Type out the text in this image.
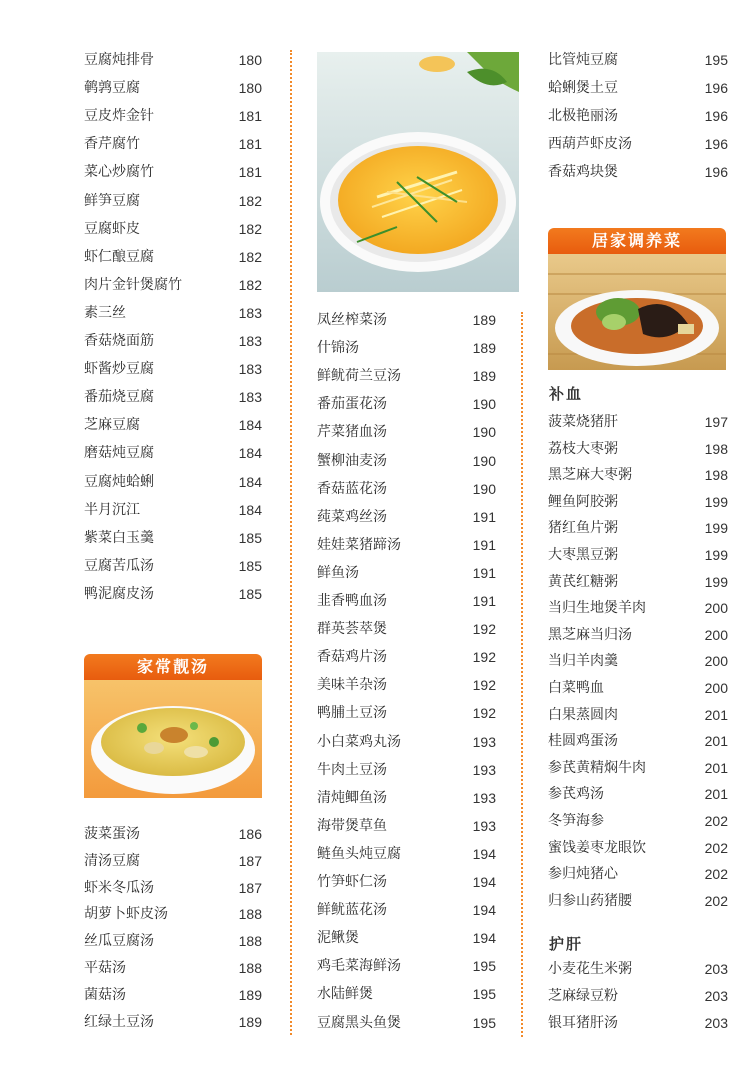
豆腐炖排骨	180
鹌鹑豆腐	180
豆皮炸金针	181
香芹腐竹	181
菜心炒腐竹	181
鲜笋豆腐	182
豆腐虾皮	182
虾仁酿豆腐	182
肉片金针煲腐竹	182
素三丝	183
香菇烧面筋	183
虾酱炒豆腐	183
番茄烧豆腐	183
芝麻豆腐	184
磨菇炖豆腐	184
豆腐炖蛤蜊	184
半月沉江	184
紫菜白玉羹	185
豆腐苦瓜汤	185
鸭泥腐皮汤	185
家常靓汤
菠菜蛋汤	186
清汤豆腐	187
虾米冬瓜汤	187
胡萝卜虾皮汤	188
丝瓜豆腐汤	188
平菇汤	188
菌菇汤	189
红绿土豆汤	189
凤丝榨菜汤	189
什锦汤	189
鲜鱿荷兰豆汤	189
番茄蛋花汤	190
芹菜猪血汤	190
蟹柳油麦汤	190
香菇蓝花汤	190
莼菜鸡丝汤	191
娃娃菜猪蹄汤	191
鲜鱼汤	191
韭香鸭血汤	191
群英荟萃煲	192
香菇鸡片汤	192
美味羊杂汤	192
鸭脯土豆汤	192
小白菜鸡丸汤	193
牛肉土豆汤	193
清炖鲫鱼汤	193
海带煲草鱼	193
鲢鱼头炖豆腐	194
竹笋虾仁汤	194
鲜鱿蓝花汤	194
泥鳅煲	194
鸡毛菜海鲜汤	195
水陆鲜煲	195
豆腐黑头鱼煲	195
比管炖豆腐	195
蛤蜊煲土豆	196
北极艳丽汤	196
西葫芦虾皮汤	196
香菇鸡块煲	196
居家调养菜
补血
菠菜烧猪肝	197
荔枝大枣粥	198
黑芝麻大枣粥	198
鲤鱼阿胶粥	199
猪红鱼片粥	199
大枣黑豆粥	199
黄芪红糖粥	199
当归生地煲羊肉	200
黑芝麻当归汤	200
当归羊肉羹	200
白菜鸭血	200
白果蒸圆肉	201
桂圆鸡蛋汤	201
参芪黄精焖牛肉	201
参芪鸡汤	201
冬笋海参	202
蜜饯姜枣龙眼饮	202
参归炖猪心	202
归参山药猪腰	202
护肝
小麦花生米粥	203
芝麻绿豆粉	203
银耳猪肝汤	203
